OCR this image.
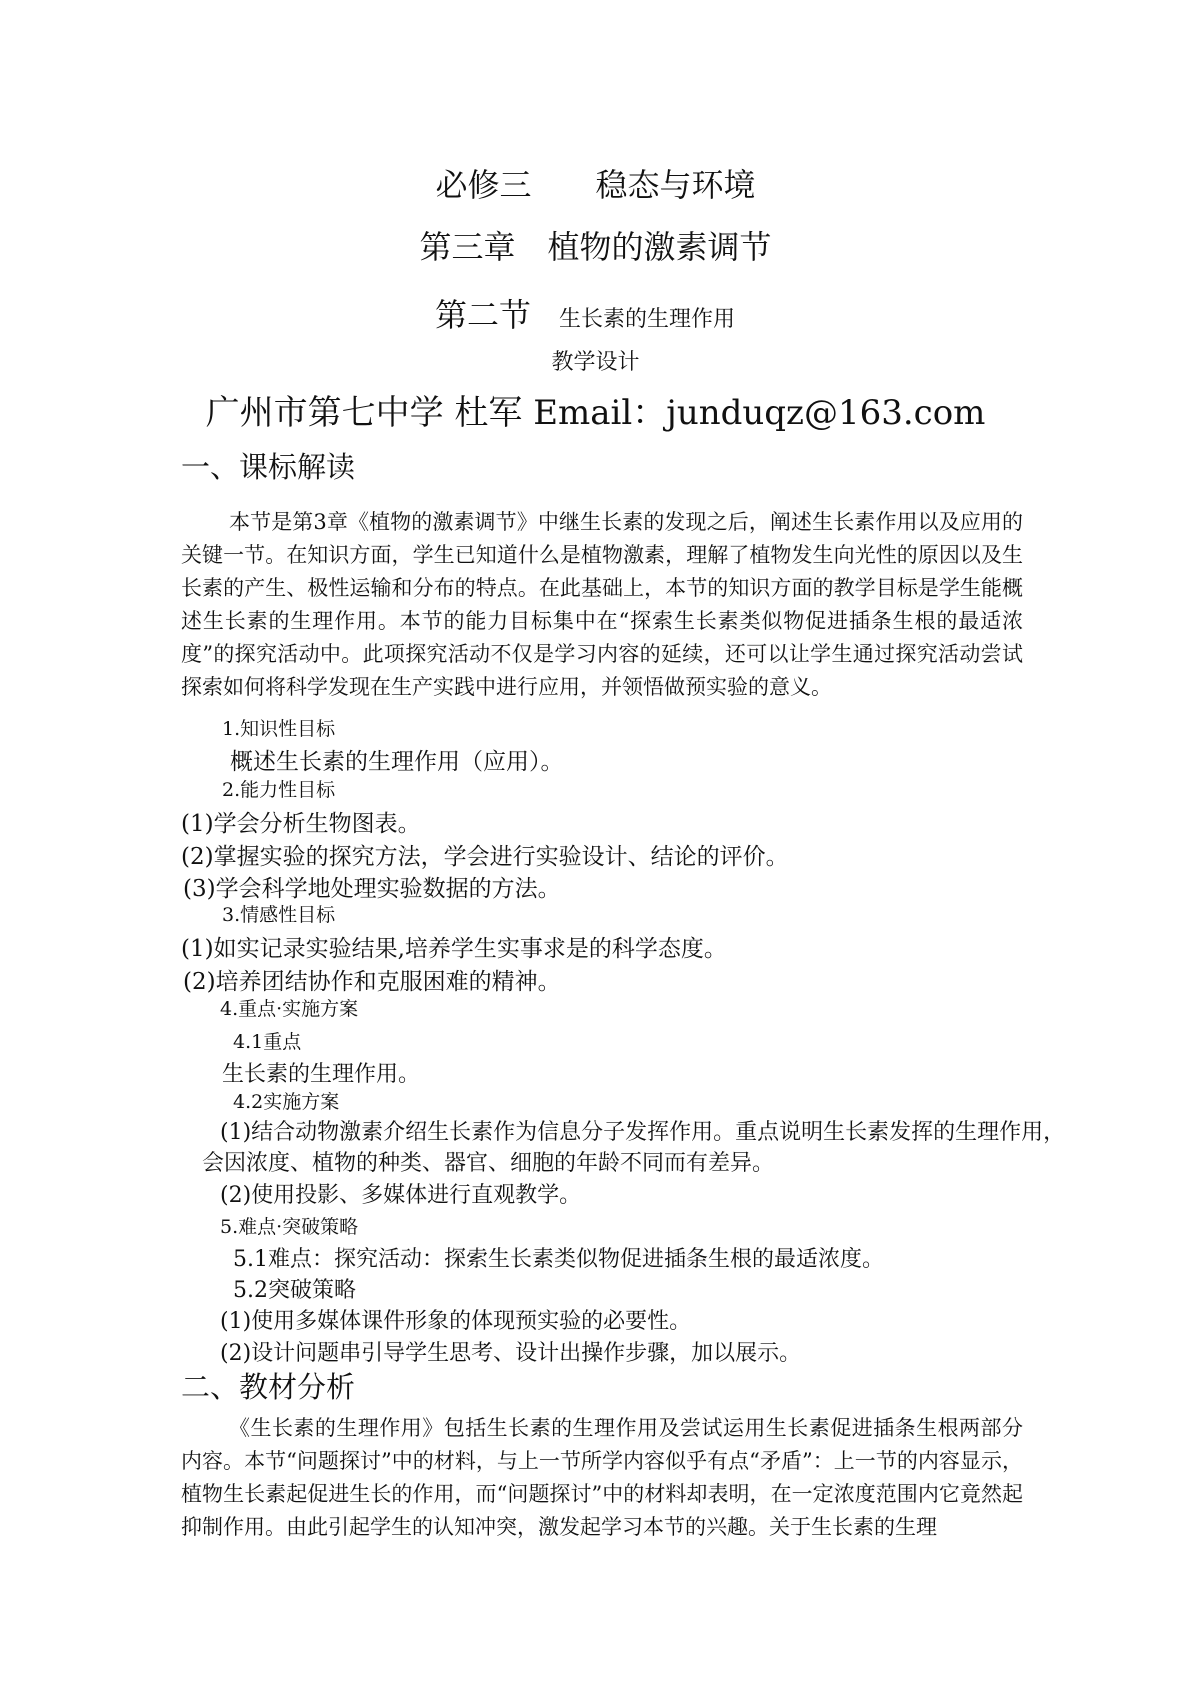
必修三　　稳态与环境
第三章　植物的激素调节
第二节 生长素的生理作用
教学设计
广州市第七中学 杜军 Email：junduqz@163.com
一、课标解读
本节是第3章《植物的激素调节》中继生长素的发现之后，阐述生长素作用以及应用的关键一节。在知识方面，学生已知道什么是植物激素，理解了植物发生向光性的原因以及生长素的产生、极性运输和分布的特点。在此基础上，本节的知识方面的教学目标是学生能概述生长素的生理作用。本节的能力目标集中在“探索生长素类似物促进插条生根的最适浓度”的探究活动中。此项探究活动不仅是学习内容的延续，还可以让学生通过探究活动尝试探索如何将科学发现在生产实践中进行应用，并领悟做预实验的意义。
1.知识性目标
概述生长素的生理作用（应用）。
2.能力性目标
(1)学会分析生物图表。
(2)掌握实验的探究方法，学会进行实验设计、结论的评价。
(3)学会科学地处理实验数据的方法。
3.情感性目标
(1)如实记录实验结果,培养学生实事求是的科学态度。
(2)培养团结协作和克服困难的精神。
4.重点·实施方案
4.1重点
生长素的生理作用。
4.2实施方案
(1)结合动物激素介绍生长素作为信息分子发挥作用。重点说明生长素发挥的生理作用，
会因浓度、植物的种类、器官、细胞的年龄不同而有差异。
(2)使用投影、多媒体进行直观教学。
5.难点·突破策略
5.1难点：探究活动：探索生长素类似物促进插条生根的最适浓度。
5.2突破策略
(1)使用多媒体课件形象的体现预实验的必要性。
(2)设计问题串引导学生思考、设计出操作步骤，加以展示。
二、教材分析
《生长素的生理作用》包括生长素的生理作用及尝试运用生长素促进插条生根两部分内容。本节“问题探讨”中的材料，与上一节所学内容似乎有点“矛盾”：上一节的内容显示，植物生长素起促进生长的作用，而“问题探讨”中的材料却表明，在一定浓度范围内它竟然起抑制作用。由此引起学生的认知冲突，激发起学习本节的兴趣。关于生长素的生理
